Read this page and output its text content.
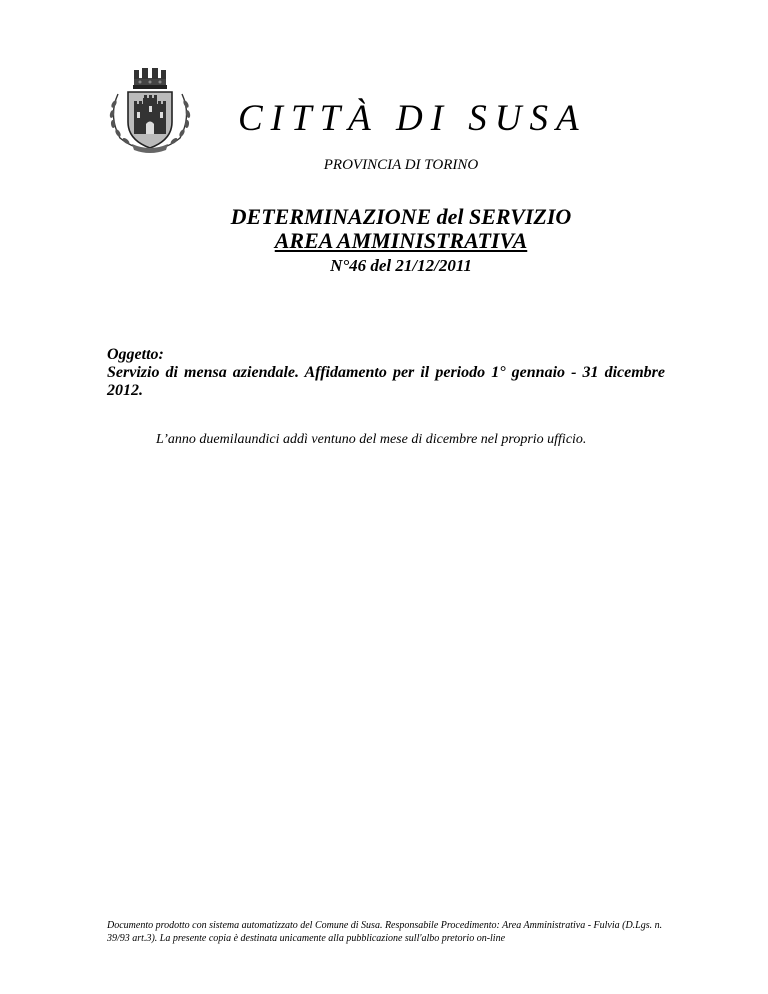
CITTÀ DI SUSA
PROVINCIA DI TORINO
DETERMINAZIONE del SERVIZIO
AREA AMMINISTRATIVA
N°46 del 21/12/2011
Oggetto:
Servizio di mensa aziendale. Affidamento per il periodo 1° gennaio - 31 dicembre 2012.
L’anno duemilaundici addì ventuno del mese di dicembre nel proprio ufficio.
Documento prodotto con sistema automatizzato del Comune di Susa. Responsabile Procedimento: Area Amministrativa - Fulvia (D.Lgs. n.
39/93 art.3). La presente copia è destinata unicamente alla pubblicazione sull'albo pretorio on-line
